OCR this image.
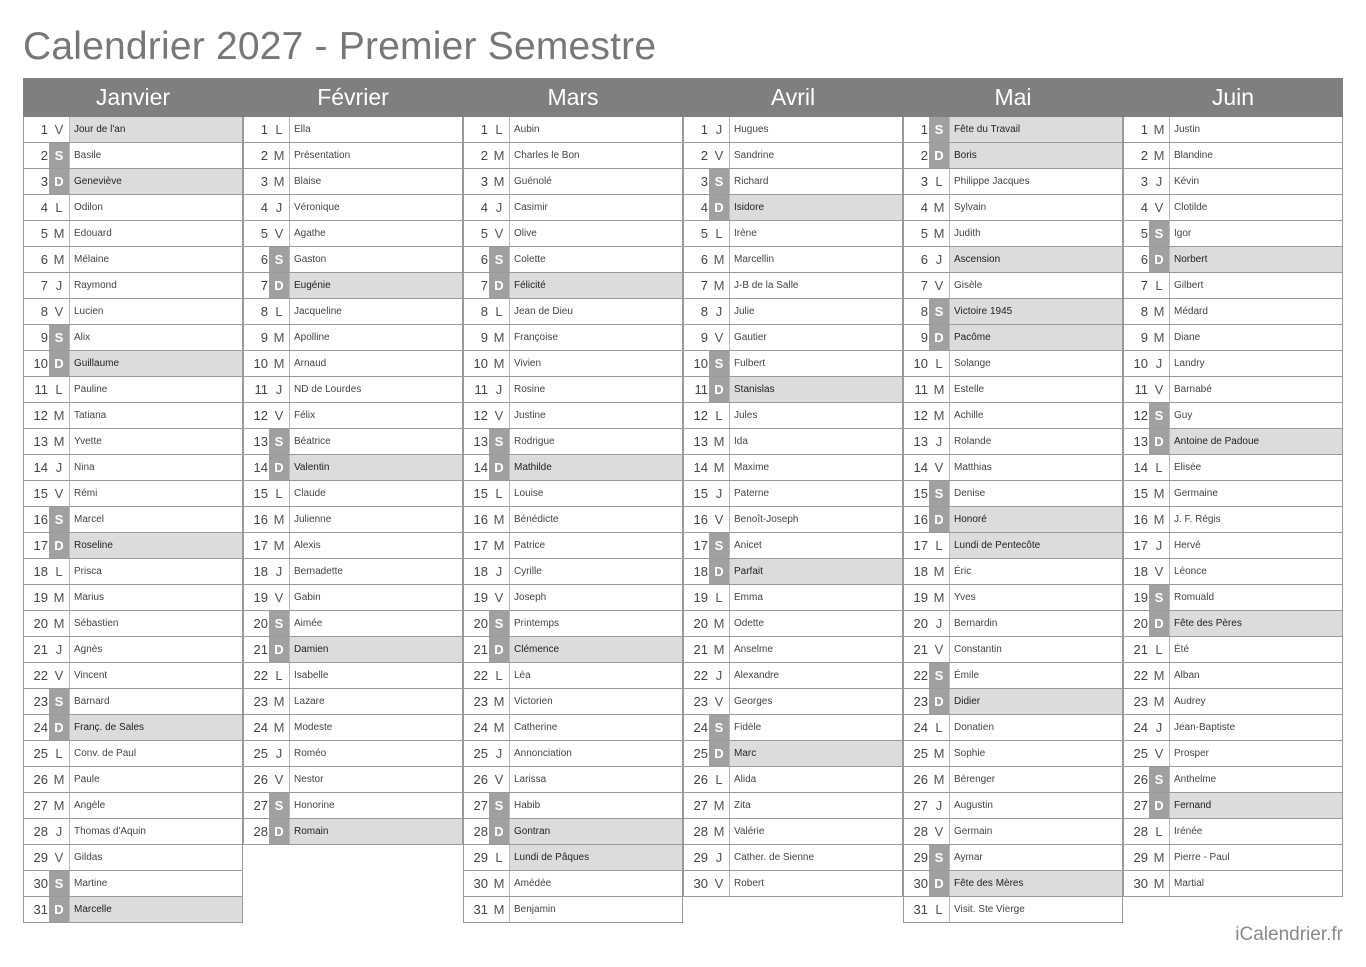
Calendrier 2027 - Premier Semestre
Janvier
1 V	Jour de l'an
2 S	Basile
3 D	Geneviève
4 L	Odilon
5 M Edouard
6 M Mélaine
7 J	Raymond
8 V	Lucien
9 S	Alix
10 D	Guillaume
11 L	Pauline
12 M Tatiana
13 M Yvette
14 J	Nina
15 V	Rémi
16 S	Marcel
17 D	Roseline
18 L	Prisca
19 M Marius
20 M Sébastien
21 J	Agnès
22 V	Vincent
23 S	Barnard
24 D	Franç. de Sales
25 L	Conv. de Paul
26 M Paule
27 M Angèle
28 J	Thomas d'Aquin
29 V	Gildas
30 S	Martine
31 D	Marcelle
Février
1 L	Ella
2 M Présentation
3 M Blaise
4 J	Véronique
5 V	Agathe
6 S	Gaston
7 D	Eugénie
8 L	Jacqueline
9 M Apolline
10 M Arnaud
11 J	ND de Lourdes
12 V	Félix
13 S	Béatrice
14 D	Valentin
15 L	Claude
16 M Julienne
17 M Alexis
18 J	Bernadette
19 V	Gabin
20 S	Aimée
21 D	Damien
22 L	Isabelle
23 M Lazare
24 M Modeste
25 J	Roméo
26 V	Nestor
27 S	Honorine
28 D	Romain
Mars
1 L	Aubin
2 M Charles le Bon
3 M Guénolé
4 J	Casimir
5 V	Olive
6 S	Colette
7 D	Félicité
8 L	Jean de Dieu
9 M Françoise
10 M Vivien
11 J	Rosine
12 V	Justine
13 S	Rodrigue
14 D	Mathilde
15 L	Louise
16 M Bénédicte
17 M Patrice
18 J	Cyrille
19 V	Joseph
20 S	Printemps
21 D	Clémence
22 L	Léa
23 M Victorien
24 M Catherine
25 J	Annonciation
26 V	Larissa
27 S	Habib
28 D	Gontran
29 L	Lundi de Pâques
30 M Amédée
31 M Benjamin
Avril
1 J	Hugues
2 V	Sandrine
3 S	Richard
4 D	Isidore
5 L	Irène
6 M Marcellin
7 M J-B de la Salle
8 J	Julie
9 V	Gautier
10 S	Fulbert
11 D	Stanislas
12 L	Jules
13 M Ida
14 M Maxime
15 J	Paterne
16 V	Benoît-Joseph
17 S	Anicet
18 D	Parfait
19 L	Emma
20 M Odette
21 M Anselme
22 J	Alexandre
23 V	Georges
24 S	Fidèle
25 D	Marc
26 L	Alida
27 M Zita
28 M Valérie
29 J	Cather. de Sienne
30 V	Robert
Mai
1 S	Fête du Travail
2 D	Boris
3 L	Philippe Jacques
4 M Sylvain
5 M Judith
6 J	Ascension
7 V	Gisèle
8 S	Victoire 1945
9 D	Pacôme
10 L	Solange
11 M Estelle
12 M Achille
13 J	Rolande
14 V	Matthias
15 S	Denise
16 D	Honoré
17 L	Lundi de Pentecôte
18 M Éric
19 M Yves
20 J	Bernardin
21 V	Constantin
22 S	Émile
23 D	Didier
24 L	Donatien
25 M Sophie
26 M Bérenger
27 J	Augustin
28 V	Germain
29 S	Aymar
30 D	Fête des Mères
31 L	Visit. Ste Vierge
Juin
1 M Justin
2 M Blandine
3 J	Kévin
4 V	Clotilde
5 S	Igor
6 D	Norbert
7 L	Gilbert
8 M Médard
9 M Diane
10 J	Landry
11 V	Barnabé
12 S	Guy
13 D	Antoine de Padoue
14 L	Elisée
15 M Germaine
16 M J. F. Régis
17 J	Hervé
18 V	Léonce
19 S	Romuald
20 D	Fête des Pères
21 L	Été
22 M Alban
23 M Audrey
24 J	Jean-Baptiste
25 V	Prosper
26 S	Anthelme
27 D	Fernand
28 L	Irénée
29 M Pierre - Paul
30 M Martial
iCalendrier.fr
